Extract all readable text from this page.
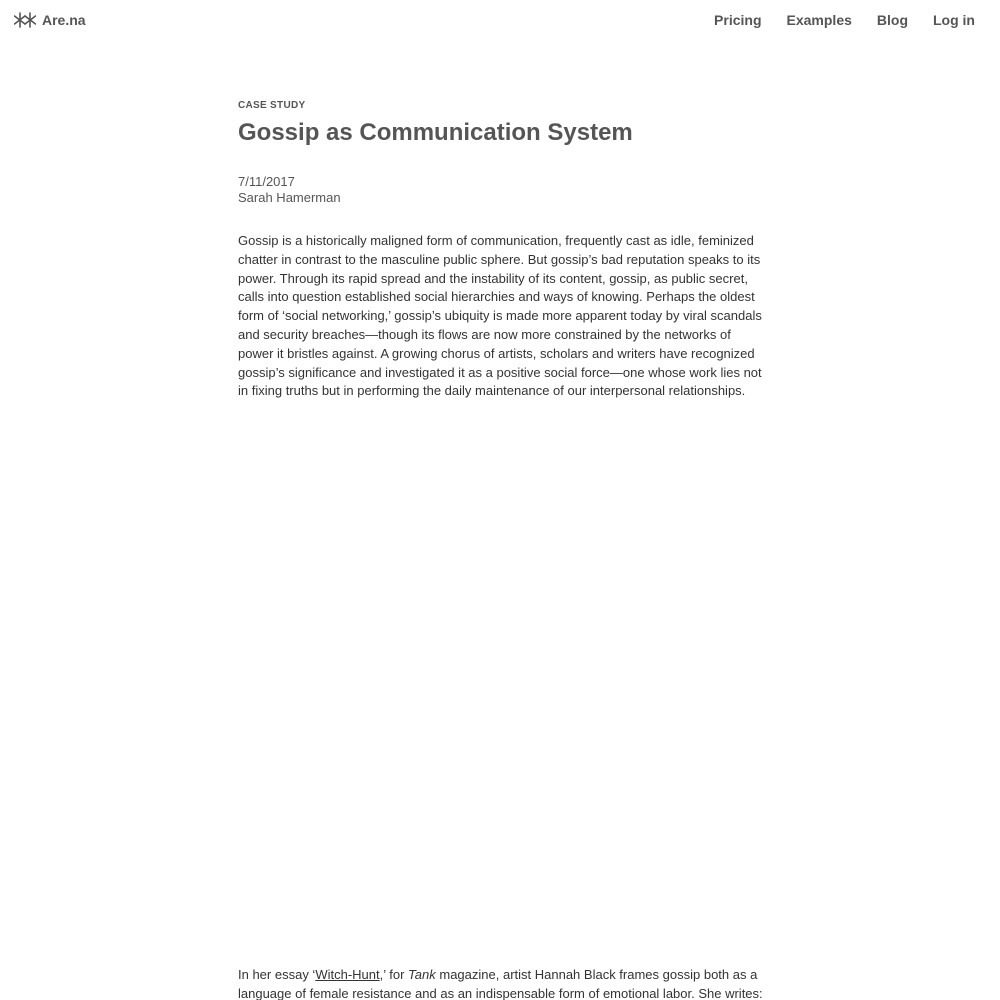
Are.na	Pricing Examples Blog Log in
CASE STUDY
Gossip as Communication System
7/11/2017
Sarah Hamerman

Gossip is a historically maligned form of communication, frequently cast as idle, feminized chatter in contrast to the masculine public sphere. But gossip’s bad reputation speaks to its power. Through its rapid spread and the instability of its content, gossip, as public secret, calls into question established social hierarchies and ways of knowing. Perhaps the oldest form of ‘social networking,’ gossip’s ubiquity is made more apparent today by viral scandals and security breaches—though its flows are now more constrained by the networks of power it bristles against. A growing chorus of artists, scholars and writers have recognized gossip’s significance and investigated it as a positive social force—one whose work lies not in fixing truths but in performing the daily maintenance of our interpersonal relationships.

In her essay ‘Witch-Hunt,’ for Tank magazine, artist Hannah Black frames gossip both as a language of female resistance and as an indispensable form of emotional labor. She writes:
